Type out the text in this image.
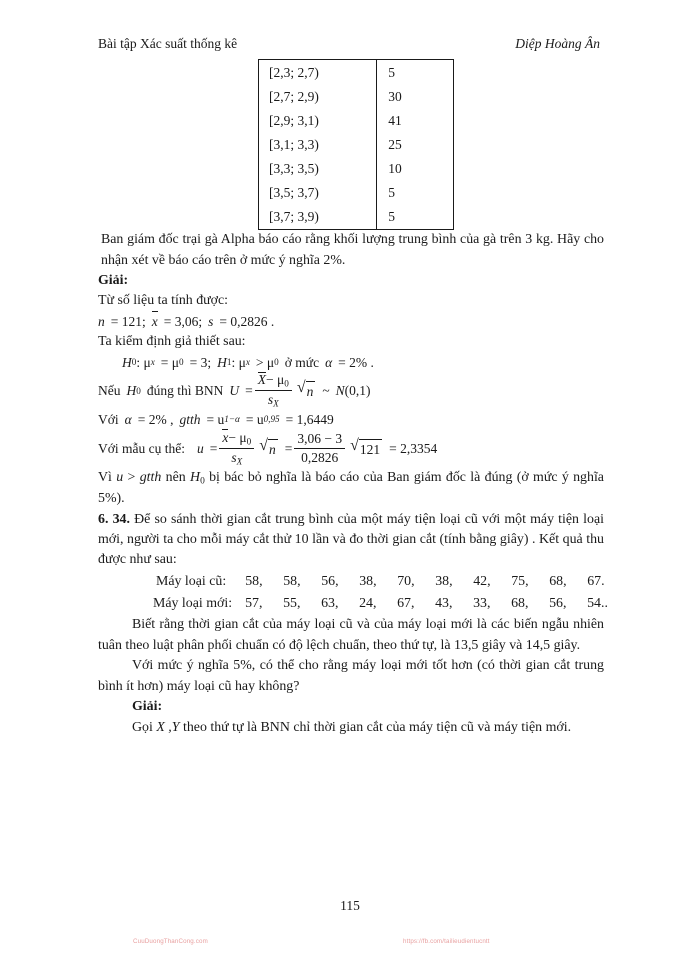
Bài tập Xác suất thống kê	Diệp Hoàng Ân
[2,3; 2,7)	5
[2,7; 2,9)	30
[2,9; 3,1)	41
[3,1; 3,3)	25
[3,3; 3,5)	10
[3,5; 3,7)	5
[3,7; 3,9)	5

Ban giám đốc trại gà Alpha báo cáo rằng khối lượng trung bình của gà trên 3 kg. Hãy cho nhận xét về báo cáo trên ở mức ý nghĩa 2%.

Giải:

Từ số liệu ta tính được:

n = 121; x = 3,06; s = 0,2826 .

Ta kiểm định giả thiết sau:

H 0 : μ x = μ 0 = 3; H 1 : μ x > μ 0 ở mức α = 2% .
Nếu H 0 đúng thì BNN $U = \frac{X- \mu_0}{s_X}$ √ n ~ N (0,1)
Với α = 2% , gtth = u 1−α = u 0,95 = 1,6449
Với mẫu cụ thể: $u = \frac{x- \mu_0}{s_X}$ √ $n = \frac{3,06 - 3}{0,2826}$ √ 121 = 2,3354

Vì u > gtth nên $H_0$ bị bác bỏ nghĩa là báo cáo của Ban giám đốc là đúng (ở mức ý nghĩa 5%).

6. 34. Để so sánh thời gian cắt trung bình của một máy tiện loại cũ với một máy tiện loại mới, người ta cho mỗi máy cắt thử 10 lần và đo thời gian cắt (tính bằng giây) . Kết quả thu được như sau:

Máy loại cũ: 58, 58, 56, 38, 70, 38, 42, 75, 68, 67.
Máy loại mới: 57, 55, 63, 24, 67, 43, 33, 68, 56, 54..

Biết rằng thời gian cắt của máy loại cũ và của máy loại mới là các biến ngẫu nhiên tuân theo luật phân phối chuẩn có độ lệch chuẩn, theo thứ tự, là 13,5 giây và 14,5 giây.

Với mức ý nghĩa 5%, có thể cho rằng máy loại mới tốt hơn (có thời gian cắt trung bình ít hơn) máy loại cũ hay không?

Giải:

Gọi X ,Y theo thứ tự là BNN chỉ thời gian cắt của máy tiện cũ và máy tiện mới.

115
CuuDuongThanCong.com	https://fb.com/tailieudientucntt
